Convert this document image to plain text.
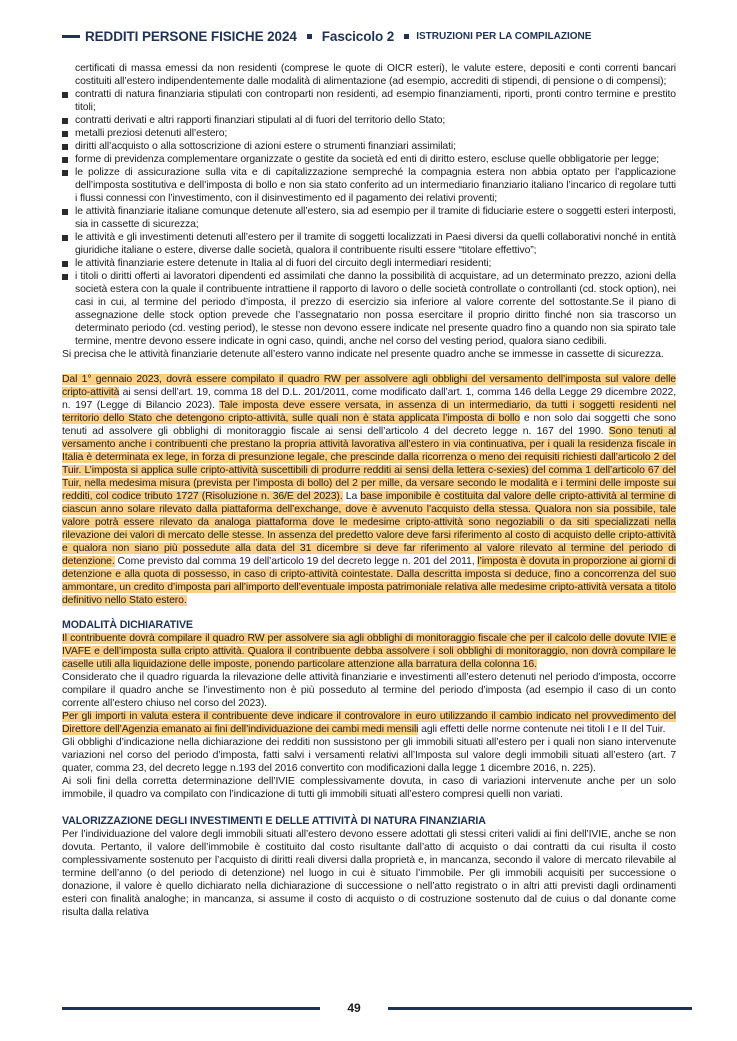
REDDITI PERSONE FISICHE 2024 Fascicolo 2 ISTRUZIONI PER LA COMPILAZIONE

certificati di massa emessi da non residenti (comprese le quote di OICR esteri), le valute estere, depositi e conti correnti bancari costituiti all’estero indipendentemente dalle modalità di alimentazione (ad esempio, accrediti di stipendi, di pensione o di compensi);

contratti di natura finanziaria stipulati con controparti non residenti, ad esempio finanziamenti, riporti, pronti contro termine e prestito titoli;
contratti derivati e altri rapporti finanziari stipulati al di fuori del territorio dello Stato;
metalli preziosi detenuti all’estero;
diritti all’acquisto o alla sottoscrizione di azioni estere o strumenti finanziari assimilati;
forme di previdenza complementare organizzate o gestite da società ed enti di diritto estero, escluse quelle obbligatorie per legge;
le polizze di assicurazione sulla vita e di capitalizzazione sempreché la compagnia estera non abbia optato per l’applicazione dell’imposta sostitutiva e dell’imposta di bollo e non sia stato conferito ad un intermediario finanziario italiano l’incarico di regolare tutti i flussi connessi con l’investimento, con il disinvestimento ed il pagamento dei relativi proventi;
le attività finanziarie italiane comunque detenute all’estero, sia ad esempio per il tramite di fiduciarie estere o soggetti esteri interposti, sia in cassette di sicurezza;
le attività e gli investimenti detenuti all’estero per il tramite di soggetti localizzati in Paesi diversi da quelli collaborativi nonché in entità giuridiche italiane o estere, diverse dalle società, qualora il contribuente risulti essere “titolare effettivo”;
le attività finanziarie estere detenute in Italia al di fuori del circuito degli intermediari residenti;
i titoli o diritti offerti ai lavoratori dipendenti ed assimilati che danno la possibilità di acquistare, ad un determinato prezzo, azioni della società estera con la quale il contribuente intrattiene il rapporto di lavoro o delle società controllate o controllanti (cd. stock option), nei casi in cui, al termine del periodo d’imposta, il prezzo di esercizio sia inferiore al valore corrente del sottostante.Se il piano di assegnazione delle stock option prevede che l’assegnatario non possa esercitare il proprio diritto finché non sia trascorso un determinato periodo (cd. vesting period), le stesse non devono essere indicate nel presente quadro fino a quando non sia spirato tale termine, mentre devono essere indicate in ogni caso, quindi, anche nel corso del vesting period, qualora siano cedibili.

Si precisa che le attività finanziarie detenute all’estero vanno indicate nel presente quadro anche se immesse in cassette di sicurezza.

Dal 1° gennaio 2023, dovrà essere compilato il quadro RW per assolvere agli obblighi del versamento dell’imposta sul valore delle cripto-attività ai sensi dell’art. 19, comma 18 del D.L. 201/2011, come modificato dall’art. 1, comma 146 della Legge 29 dicembre 2022, n. 197 (Legge di Bilancio 2023). Tale imposta deve essere versata, in assenza di un intermediario, da tutti i soggetti residenti nel territorio dello Stato che detengono cripto-attività, sulle quali non è stata applicata l’imposta di bollo e non solo dai soggetti che sono tenuti ad assolvere gli obblighi di monitoraggio fiscale ai sensi dell’articolo 4 del decreto legge n. 167 del 1990. Sono tenuti al versamento anche i contribuenti che prestano la propria attività lavorativa all’estero in via continuativa, per i quali la residenza fiscale in Italia è determinata ex lege, in forza di presunzione legale, che prescinde dalla ricorrenza o meno dei requisiti richiesti dall’articolo 2 del Tuir. L’imposta si applica sulle cripto-attività suscettibili di produrre redditi ai sensi della lettera c-sexies) del comma 1 dell’articolo 67 del Tuir, nella medesima misura (prevista per l’imposta di bollo) del 2 per mille, da versare secondo le modalità e i termini delle imposte sui redditi, col codice tributo 1727 (Risoluzione n. 36/E del 2023). La base imponibile è costituita dal valore delle cripto-attività al termine di ciascun anno solare rilevato dalla piattaforma dell’exchange, dove è avvenuto l’acquisto della stessa. Qualora non sia possibile, tale valore potrà essere rilevato da analoga piattaforma dove le medesime cripto-attività sono negoziabili o da siti specializzati nella rilevazione dei valori di mercato delle stesse. In assenza del predetto valore deve farsi riferimento al costo di acquisto delle cripto-attività e qualora non siano più possedute alla data del 31 dicembre si deve far riferimento al valore rilevato al termine del periodo di detenzione. Come previsto dal comma 19 dell’articolo 19 del decreto legge n. 201 del 2011, l’imposta è dovuta in proporzione ai giorni di detenzione e alla quota di possesso, in caso di cripto-attività cointestate. Dalla descritta imposta si deduce, fino a concorrenza del suo ammontare, un credito d’imposta pari all’importo dell’eventuale imposta patrimoniale relativa alle medesime cripto-attività versata a titolo definitivo nello Stato estero.

MODALITÀ DICHIARATIVE

Il contribuente dovrà compilare il quadro RW per assolvere sia agli obblighi di monitoraggio fiscale che per il calcolo delle dovute IVIE e IVAFE e dell’imposta sulla cripto attività. Qualora il contribuente debba assolvere i soli obblighi di monitoraggio, non dovrà compilare le caselle utili alla liquidazione delle imposte, ponendo particolare attenzione alla barratura della colonna 16.

Considerato che il quadro riguarda la rilevazione delle attività finanziarie e investimenti all’estero detenuti nel periodo d’imposta, occorre compilare il quadro anche se l’investimento non è più posseduto al termine del periodo d’imposta (ad esempio il caso di un conto corrente all’estero chiuso nel corso del 2023).

Per gli importi in valuta estera il contribuente deve indicare il controvalore in euro utilizzando il cambio indicato nel provvedimento del Direttore dell’Agenzia emanato ai fini dell’individuazione dei cambi medi mensili agli effetti delle norme contenute nei titoli I e II del Tuir.

Gli obblighi d’indicazione nella dichiarazione dei redditi non sussistono per gli immobili situati all’estero per i quali non siano intervenute variazioni nel corso del periodo d’imposta, fatti salvi i versamenti relativi all’Imposta sul valore degli immobili situati all’estero (art. 7 quater, comma 23, del decreto legge n.193 del 2016 convertito con modificazioni dalla legge 1 dicembre 2016, n. 225).

Ai soli fini della corretta determinazione dell’IVIE complessivamente dovuta, in caso di variazioni intervenute anche per un solo immobile, il quadro va compilato con l’indicazione di tutti gli immobili situati all’estero compresi quelli non variati.

VALORIZZAZIONE DEGLI INVESTIMENTI E DELLE ATTIVITÀ DI NATURA FINANZIARIA

Per l’individuazione del valore degli immobili situati all’estero devono essere adottati gli stessi criteri validi ai fini dell’IVIE, anche se non dovuta. Pertanto, il valore dell’immobile è costituito dal costo risultante dall’atto di acquisto o dai contratti da cui risulta il costo complessivamente sostenuto per l’acquisto di diritti reali diversi dalla proprietà e, in mancanza, secondo il valore di mercato rilevabile al termine dell’anno (o del periodo di detenzione) nel luogo in cui è situato l’immobile. Per gli immobili acquisiti per successione o donazione, il valore è quello dichiarato nella dichiarazione di successione o nell’atto registrato o in altri atti previsti dagli ordinamenti esteri con finalità analoghe; in mancanza, si assume il costo di acquisto o di costruzione sostenuto dal de cuius o dal donante come risulta dalla relativa

49
